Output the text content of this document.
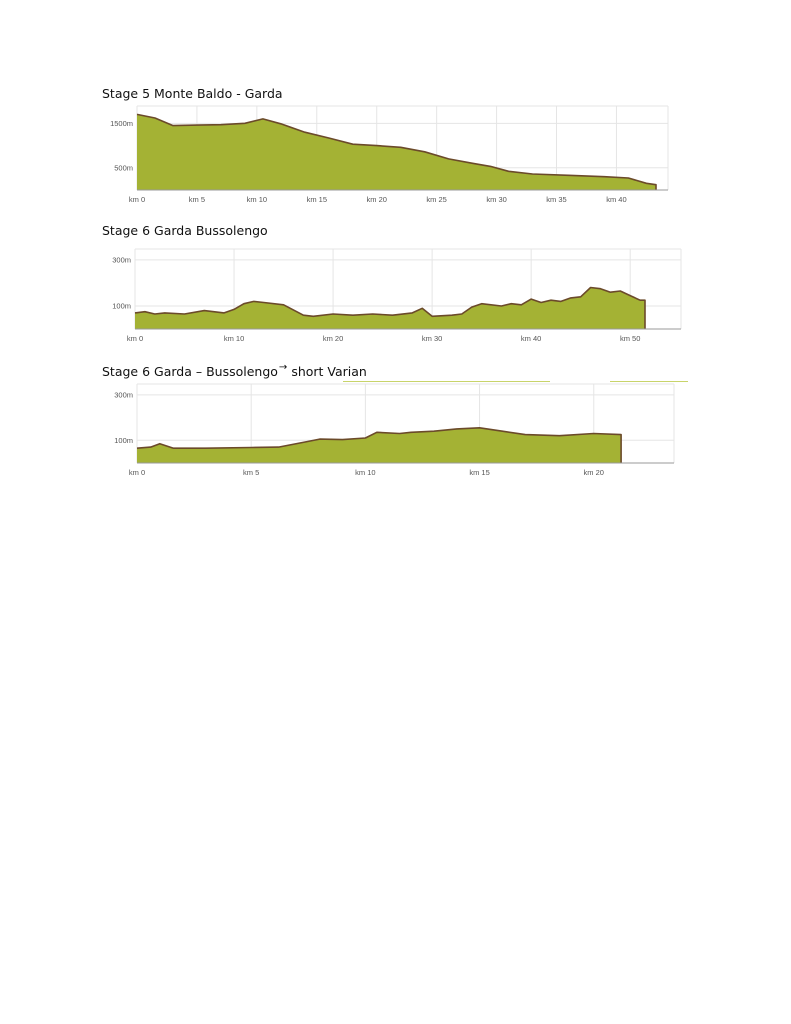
Stage 5 Monte Baldo - Garda
500m
1500m
km 0	km 5	km 10	km 15	km 20	km 25	km 30	km 35	km 40
Stage 6 Garda Bussolengo
100m
300m
km 0	km 10	km 20	km 30	km 40	km 50
Stage 6 Garda – Bussolengo→ short Varian
100m
300m
km 0	km 5	km 10	km 15	km 20
